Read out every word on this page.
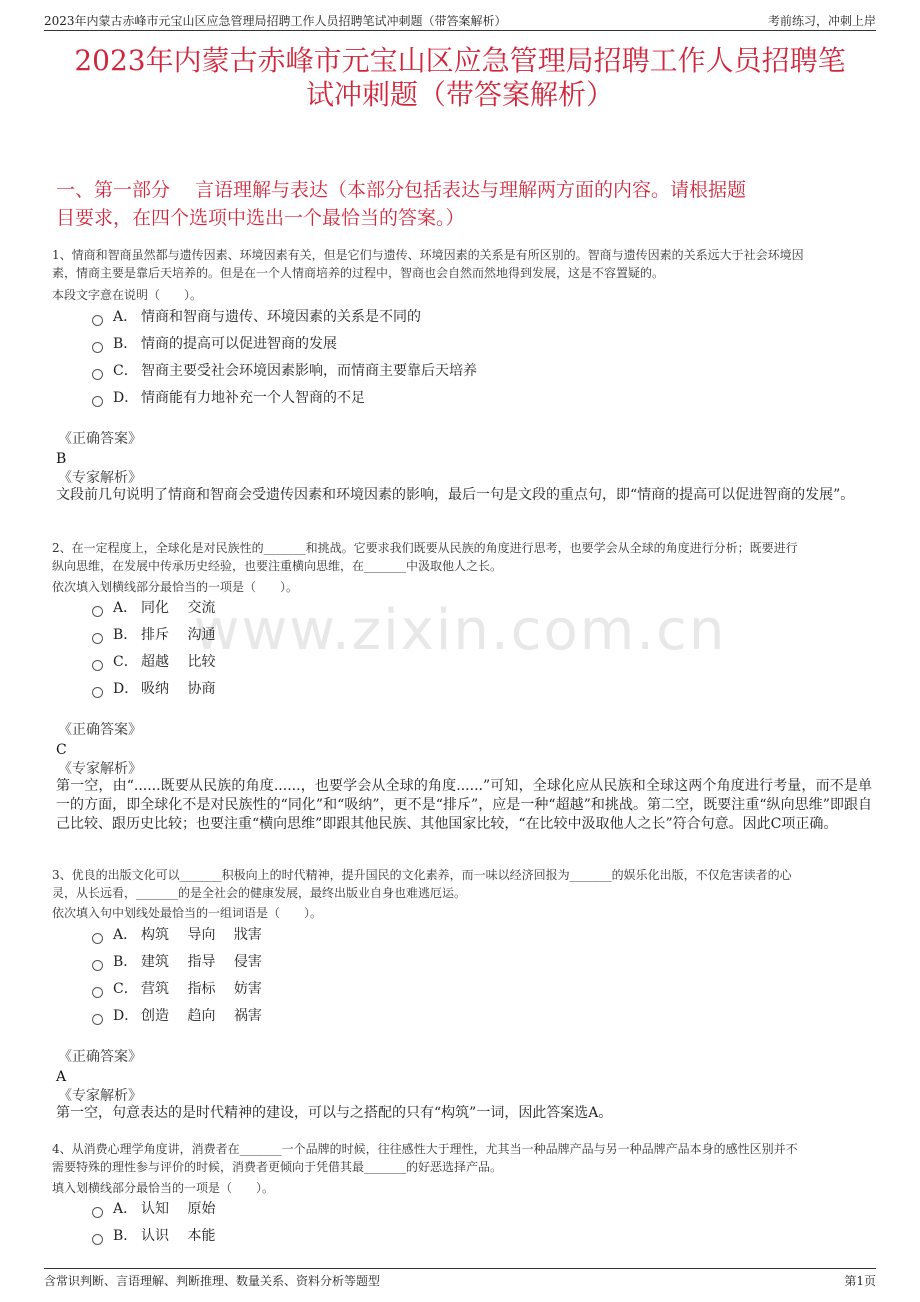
2023年内蒙古赤峰市元宝山区应急管理局招聘工作人员招聘笔试冲刺题（带答案解析）	考前练习，冲刺上岸
2023年内蒙古赤峰市元宝山区应急管理局招聘工作人员招聘笔
试冲刺题（带答案解析）
一、第一部分　 言语理解与表达（本部分包括表达与理解两方面的内容。请根据题
目要求，在四个选项中选出一个最恰当的答案。）
www.zixin.com.cn
1、情商和智商虽然都与遗传因素、环境因素有关，但是它们与遗传、环境因素的关系是有所区别的。智商与遗传因素的关系远大于社会环境因
素，情商主要是靠后天培养的。但是在一个人情商培养的过程中，智商也会自然而然地得到发展，这是不容置疑的。
本段文字意在说明（　　）。
A． 情商和智商与遗传、环境因素的关系是不同的
B． 情商的提高可以促进智商的发展
C． 智商主要受社会环境因素影响，而情商主要靠后天培养
D． 情商能有力地补充一个人智商的不足
《正确答案》
B
《专家解析》
文段前几句说明了情商和智商会受遗传因素和环境因素的影响，最后一句是文段的重点句，即“情商的提高可以促进智商的发展”。
2、在一定程度上，全球化是对民族性的_______和挑战。它要求我们既要从民族的角度进行思考，也要学会从全球的角度进行分析；既要进行
纵向思维，在发展中传承历史经验，也要注重横向思维，在_______中汲取他人之长。
依次填入划横线部分最恰当的一项是（　　）。
A． 同化　 交流
B． 排斥　 沟通
C． 超越　 比较
D． 吸纳　 协商
《正确答案》
C
《专家解析》
第一空，由“......既要从民族的角度......，也要学会从全球的角度......”可知，全球化应从民族和全球这两个角度进行考量，而不是单一的方面，即全球化不是对民族性的“同化”和“吸纳”，更不是“排斥”，应是一种“超越”和挑战。第二空，既要注重“纵向思维”即跟自己比较、跟历史比较；也要注重“横向思维”即跟其他民族、其他国家比较，“在比较中汲取他人之长”符合句意。因此C项正确。
3、优良的出版文化可以_______积极向上的时代精神，提升国民的文化素养，而一味以经济回报为_______的娱乐化出版，不仅危害读者的心
灵，从长远看，_______的是全社会的健康发展，最终出版业自身也难逃厄运。
依次填入句中划线处最恰当的一组词语是（　　）。
A． 构筑　 导向　 戕害
B． 建筑　 指导　 侵害
C． 营筑　 指标　 妨害
D． 创造　 趋向　 祸害
《正确答案》
A
《专家解析》
第一空，句意表达的是时代精神的建设，可以与之搭配的只有“构筑”一词，因此答案选A。
4、从消费心理学角度讲，消费者在_______一个品牌的时候，往往感性大于理性，尤其当一种品牌产品与另一种品牌产品本身的感性区别并不
需要特殊的理性参与评价的时候，消费者更倾向于凭借其最_______的好恶选择产品。
填入划横线部分最恰当的一项是（　　）。
A． 认知　 原始
B． 认识　 本能
含常识判断、言语理解、判断推理、数量关系、资料分析等题型	第1页
